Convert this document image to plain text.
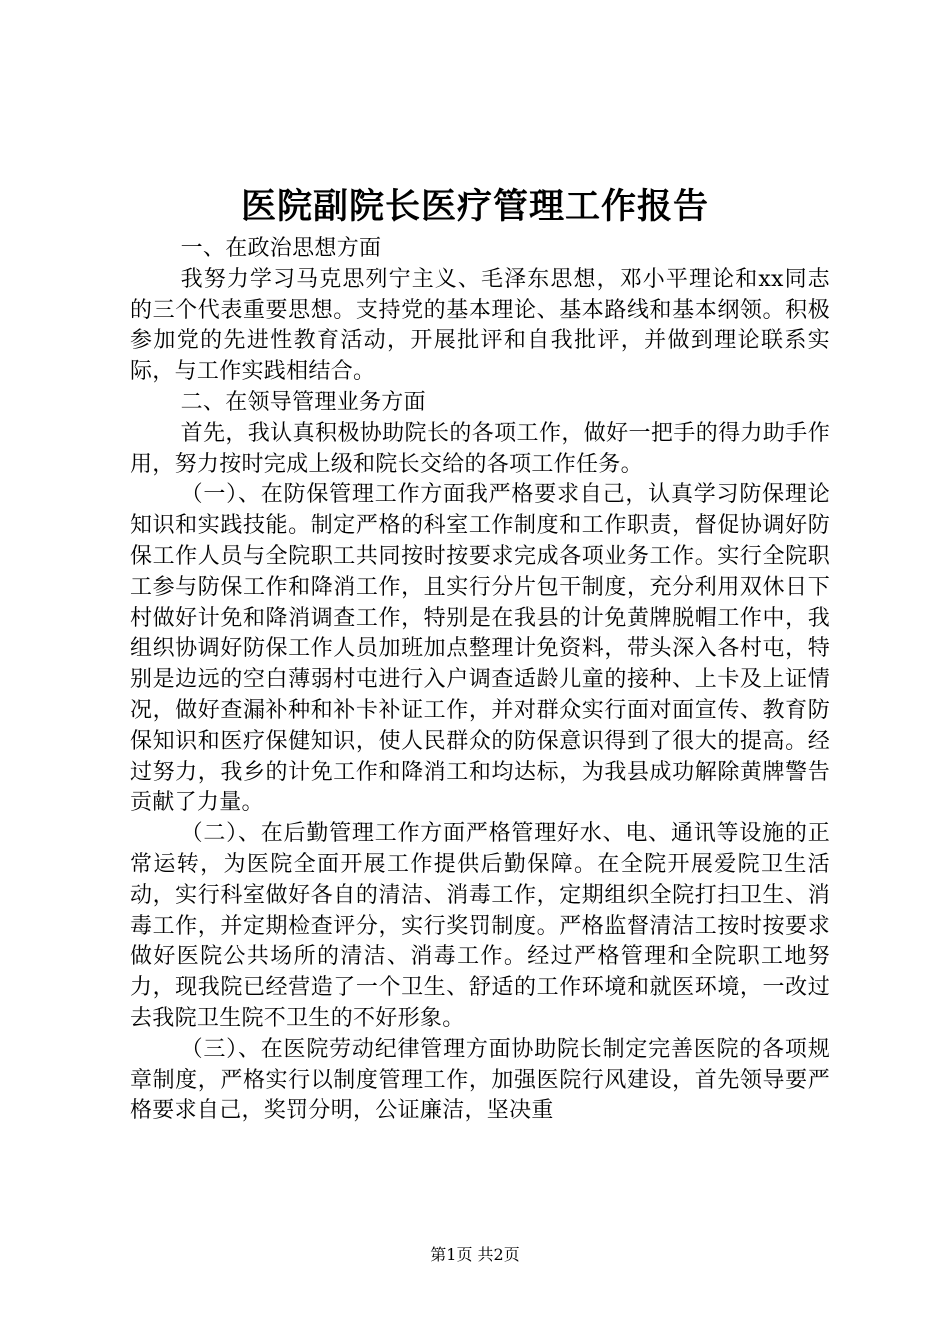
医院副院长医疗管理工作报告

一、在政治思想方面

我努力学习马克思列宁主义、毛泽东思想，邓小平理论和xx同志的三个代表重要思想。支持党的基本理论、基本路线和基本纲领。积极参加党的先进性教育活动，开展批评和自我批评，并做到理论联系实际，与工作实践相结合。

二、在领导管理业务方面

首先，我认真积极协助院长的各项工作，做好一把手的得力助手作用，努力按时完成上级和院长交给的各项工作任务。

（一）、在防保管理工作方面我严格要求自己，认真学习防保理论知识和实践技能。制定严格的科室工作制度和工作职责，督促协调好防保工作人员与全院职工共同按时按要求完成各项业务工作。实行全院职工参与防保工作和降消工作，且实行分片包干制度，充分利用双休日下村做好计免和降消调查工作，特别是在我县的计免黄牌脱帽工作中，我组织协调好防保工作人员加班加点整理计免资料，带头深入各村屯，特别是边远的空白薄弱村屯进行入户调查适龄儿童的接种、上卡及上证情况，做好查漏补种和补卡补证工作，并对群众实行面对面宣传、教育防保知识和医疗保健知识，使人民群众的防保意识得到了很大的提高。经过努力，我乡的计免工作和降消工和均达标，为我县成功解除黄牌警告贡献了力量。

（二）、在后勤管理工作方面严格管理好水、电、通讯等设施的正常运转，为医院全面开展工作提供后勤保障。在全院开展爱院卫生活动，实行科室做好各自的清洁、消毒工作，定期组织全院打扫卫生、消毒工作，并定期检查评分，实行奖罚制度。严格监督清洁工按时按要求做好医院公共场所的清洁、消毒工作。经过严格管理和全院职工地努力，现我院已经营造了一个卫生、舒适的工作环境和就医环境，一改过去我院卫生院不卫生的不好形象。

（三）、在医院劳动纪律管理方面协助院长制定完善医院的各项规章制度，严格实行以制度管理工作，加强医院行风建设，首先领导要严格要求自己，奖罚分明，公证廉洁，坚决重

第1页 共2页
